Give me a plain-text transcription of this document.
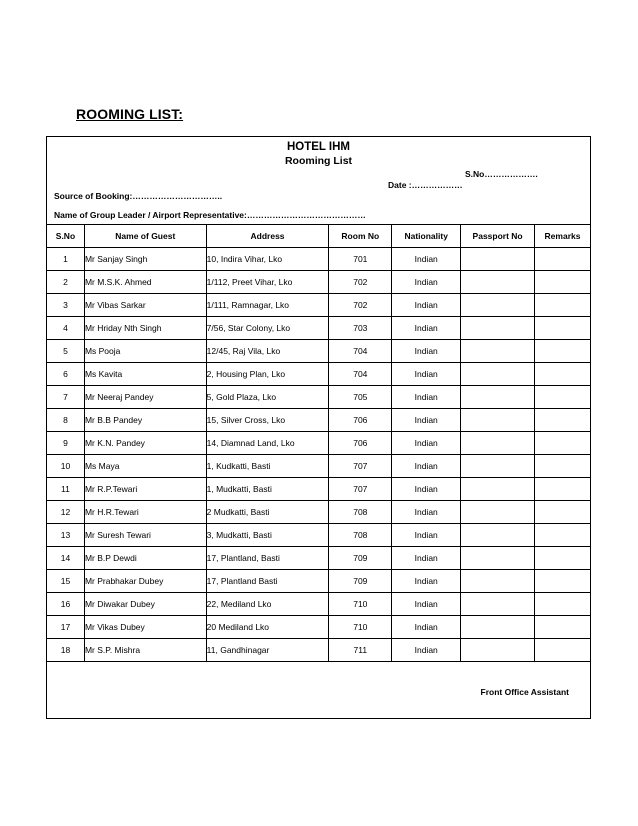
ROOMING LIST:
HOTEL IHM
Rooming List
S.No……………….
Date :………………
Source of Booking:…………………………..
Name of Group Leader / Airport Representative:……………………………………
S.No	Name of Guest	Address	Room No	Nationality	Passport No	Remarks
1	Mr Sanjay Singh	10, Indira Vihar, Lko	701	Indian		
2	Mr M.S.K. Ahmed	1/112, Preet Vihar, Lko	702	Indian		
3	Mr Vibas Sarkar	1/111, Ramnagar, Lko	702	Indian		
4	Mr Hriday Nth Singh	7/56, Star Colony, Lko	703	Indian		
5	Ms Pooja	12/45, Raj Vila, Lko	704	Indian		
6	Ms Kavita	2, Housing Plan, Lko	704	Indian		
7	Mr Neeraj Pandey	5, Gold Plaza, Lko	705	Indian		
8	Mr B.B Pandey	15, Silver Cross, Lko	706	Indian		
9	Mr K.N. Pandey	14, Diamnad Land, Lko	706	Indian		
10	Ms Maya	1, Kudkatti, Basti	707	Indian		
11	Mr R.P.Tewari	1, Mudkatti, Basti	707	Indian		
12	Mr H.R.Tewari	2 Mudkatti, Basti	708	Indian		
13	Mr Suresh Tewari	3, Mudkatti, Basti	708	Indian		
14	Mr B.P Dewdi	17, Plantland, Basti	709	Indian		
15	Mr Prabhakar Dubey	17, Plantland Basti	709	Indian		
16	Mr Diwakar Dubey	22, Mediland Lko	710	Indian		
17	Mr Vikas Dubey	20 Mediland Lko	710	Indian		
18	Mr S.P. Mishra	11, Gandhinagar	711	Indian		
Front Office Assistant
